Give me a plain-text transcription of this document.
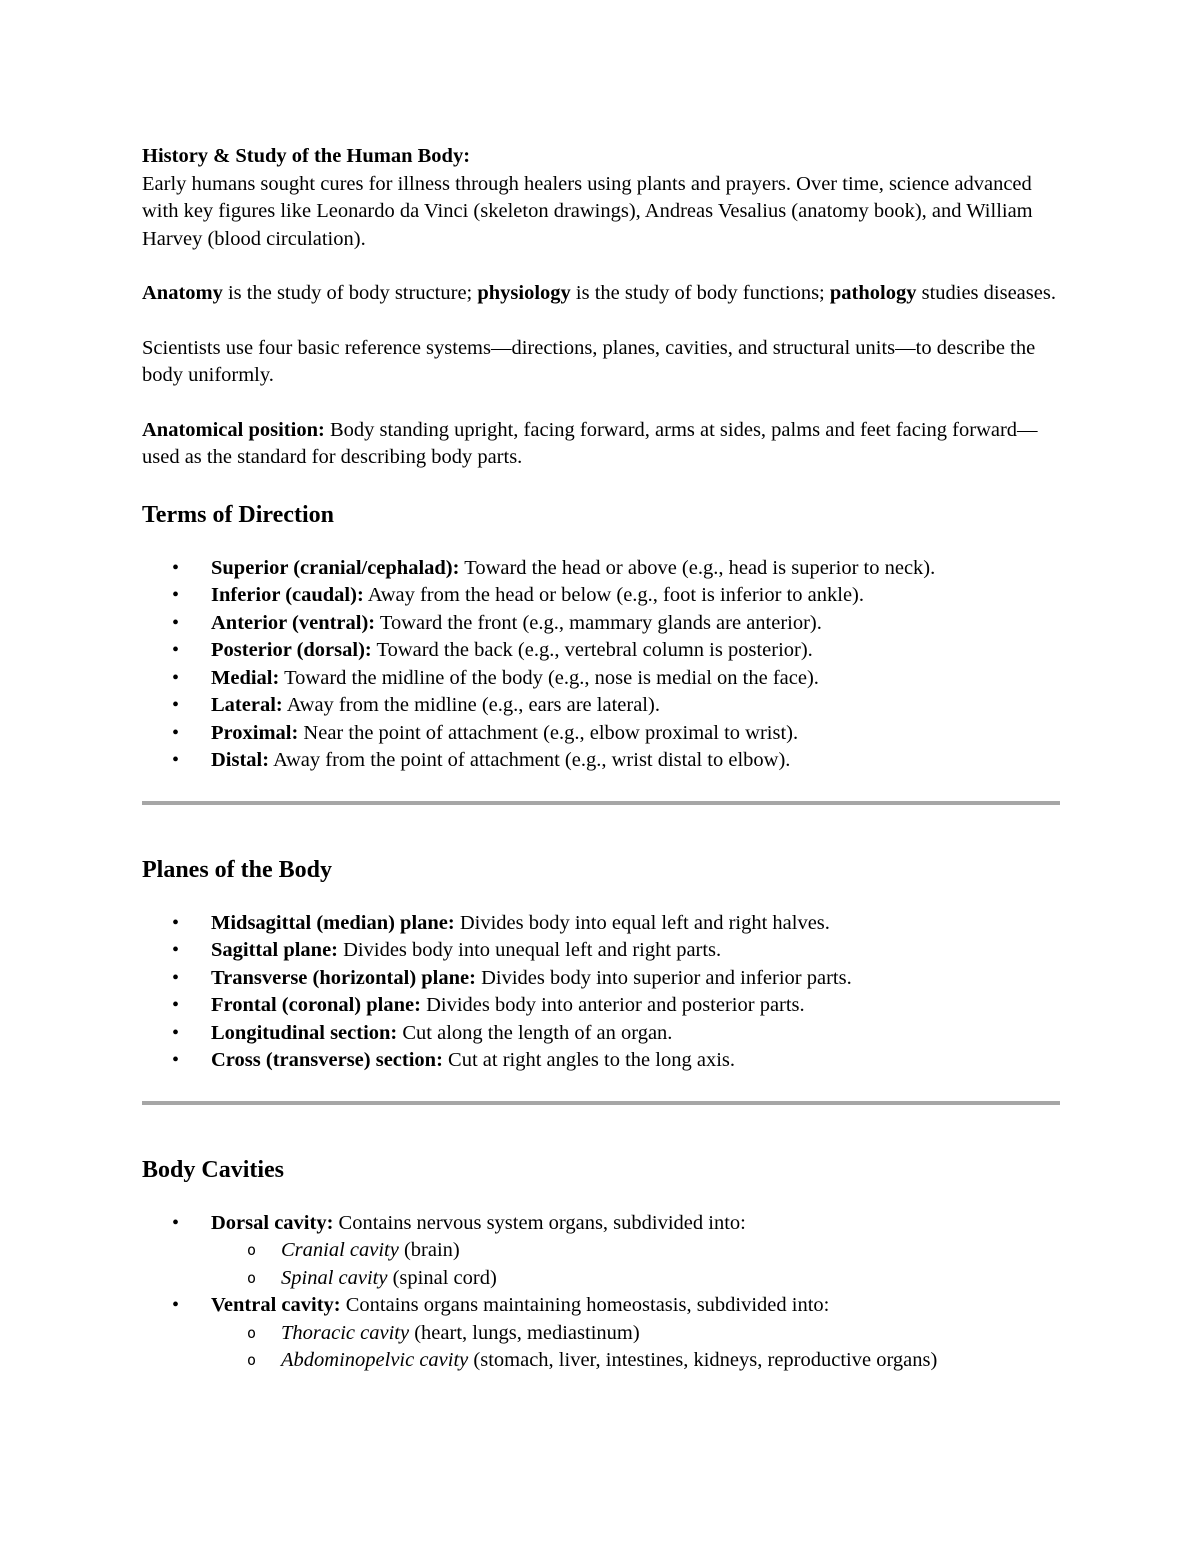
History & Study of the Human Body:

Early humans sought cures for illness through healers using plants and prayers. Over time, science advanced with key figures like Leonardo da Vinci (skeleton drawings), Andreas Vesalius (anatomy book), and William Harvey (blood circulation).

Anatomy is the study of body structure; physiology is the study of body functions; pathology studies diseases.

Scientists use four basic reference systems—directions, planes, cavities, and structural units—to describe the body uniformly.

Anatomical position: Body standing upright, facing forward, arms at sides, palms and feet facing forward—used as the standard for describing body parts.

Terms of Direction

• Superior (cranial/cephalad): Toward the head or above (e.g., head is superior to neck).
• Inferior (caudal): Away from the head or below (e.g., foot is inferior to ankle).
• Anterior (ventral): Toward the front (e.g., mammary glands are anterior).
• Posterior (dorsal): Toward the back (e.g., vertebral column is posterior).
• Medial: Toward the midline of the body (e.g., nose is medial on the face).
• Lateral: Away from the midline (e.g., ears are lateral).
• Proximal: Near the point of attachment (e.g., elbow proximal to wrist).
• Distal: Away from the point of attachment (e.g., wrist distal to elbow).

Planes of the Body

• Midsagittal (median) plane: Divides body into equal left and right halves.
• Sagittal plane: Divides body into unequal left and right parts.
• Transverse (horizontal) plane: Divides body into superior and inferior parts.
• Frontal (coronal) plane: Divides body into anterior and posterior parts.
• Longitudinal section: Cut along the length of an organ.
• Cross (transverse) section: Cut at right angles to the long axis.

Body Cavities

• Dorsal cavity: Contains nervous system organs, subdivided into:
o Cranial cavity (brain)
o Spinal cavity (spinal cord)
• Ventral cavity: Contains organs maintaining homeostasis, subdivided into:
o Thoracic cavity (heart, lungs, mediastinum)
o Abdominopelvic cavity (stomach, liver, intestines, kidneys, reproductive organs)
